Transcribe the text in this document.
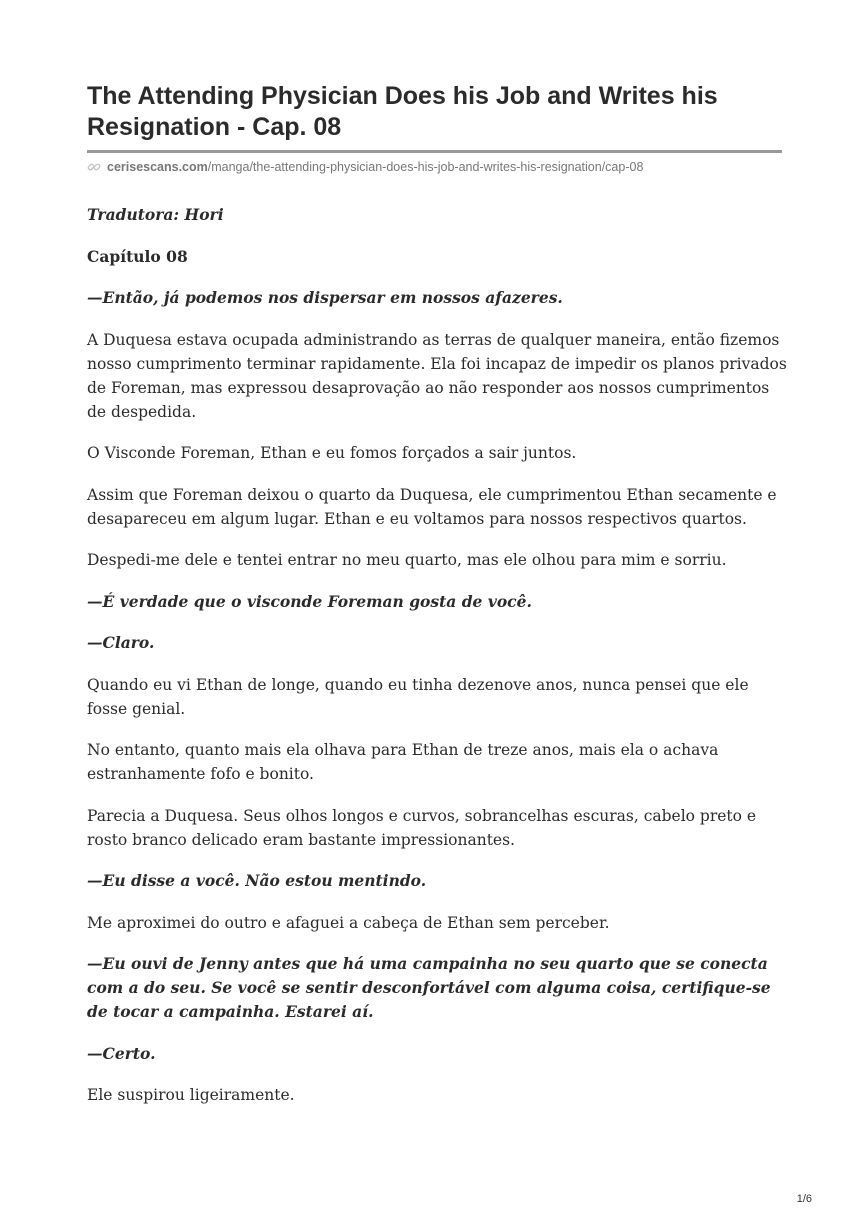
The Attending Physician Does his Job and Writes his Resignation - Cap. 08
cerisescans.com /manga/the-attending-physician-does-his-job-and-writes-his-resignation/cap-08

Tradutora: Hori

Capítulo 08

—Então, já podemos nos dispersar em nossos afazeres.

A Duquesa estava ocupada administrando as terras de qualquer maneira, então fizemos nosso cumprimento terminar rapidamente. Ela foi incapaz de impedir os planos privados de Foreman, mas expressou desaprovação ao não responder aos nossos cumprimentos de despedida.

O Visconde Foreman, Ethan e eu fomos forçados a sair juntos.

Assim que Foreman deixou o quarto da Duquesa, ele cumprimentou Ethan secamente e desapareceu em algum lugar. Ethan e eu voltamos para nossos respectivos quartos.

Despedi-me dele e tentei entrar no meu quarto, mas ele olhou para mim e sorriu.

—É verdade que o visconde Foreman gosta de você.

—Claro.

Quando eu vi Ethan de longe, quando eu tinha dezenove anos, nunca pensei que ele fosse genial.

No entanto, quanto mais ela olhava para Ethan de treze anos, mais ela o achava estranhamente fofo e bonito.

Parecia a Duquesa. Seus olhos longos e curvos, sobrancelhas escuras, cabelo preto e rosto branco delicado eram bastante impressionantes.

—Eu disse a você. Não estou mentindo.

Me aproximei do outro e afaguei a cabeça de Ethan sem perceber.

—Eu ouvi de Jenny antes que há uma campainha no seu quarto que se conecta com a do seu. Se você se sentir desconfortável com alguma coisa, certifique-se de tocar a campainha. Estarei aí.

—Certo.

Ele suspirou ligeiramente.

1/6
